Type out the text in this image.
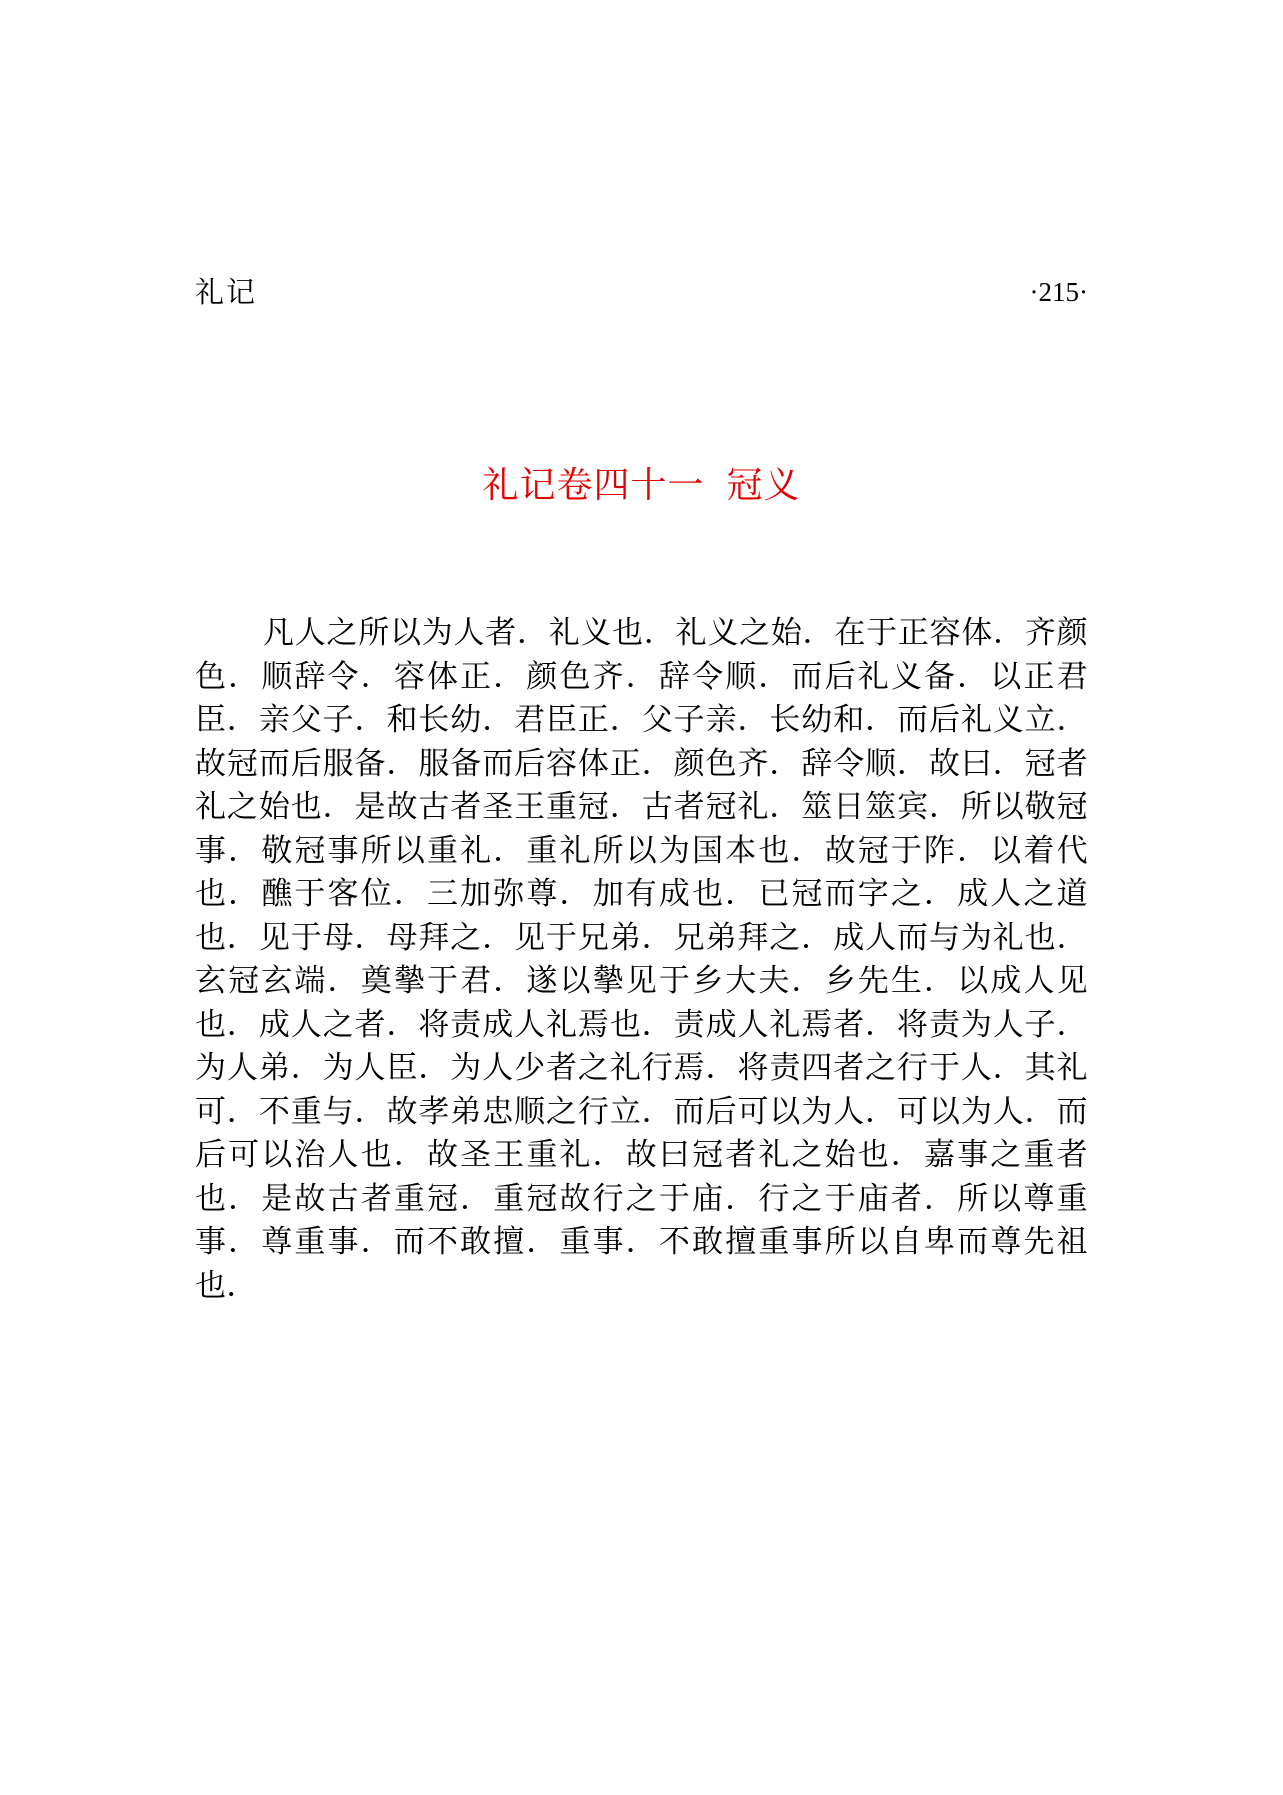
礼记	·215·
礼记卷四十一 冠义

凡人之所以为人者．礼义也．礼义之始．在于正容体．齐颜色．顺辞令．容体正．颜色齐．辞令顺．而后礼义备．以正君臣．亲父子．和长幼．君臣正．父子亲．长幼和．而后礼义立．故冠而后服备．服备而后容体正．颜色齐．辞令顺．故曰．冠者礼之始也．是故古者圣王重冠．古者冠礼．筮日筮宾．所以敬冠事．敬冠事所以重礼．重礼所以为国本也．故冠于阼．以着代也．醮于客位．三加弥尊．加有成也．已冠而字之．成人之道也．见于母．母拜之．见于兄弟．兄弟拜之．成人而与为礼也．玄冠玄端．奠摰于君．遂以摰见于乡大夫．乡先生．以成人见也．成人之者．将责成人礼焉也．责成人礼焉者．将责为人子．为人弟．为人臣．为人少者之礼行焉．将责四者之行于人．其礼可．不重与．故孝弟忠顺之行立．而后可以为人．可以为人．而后可以治人也．故圣王重礼．故曰冠者礼之始也．嘉事之重者也．是故古者重冠．重冠故行之于庙．行之于庙者．所以尊重事．尊重事．而不敢擅．重事．不敢擅重事所以自卑而尊先祖也．
